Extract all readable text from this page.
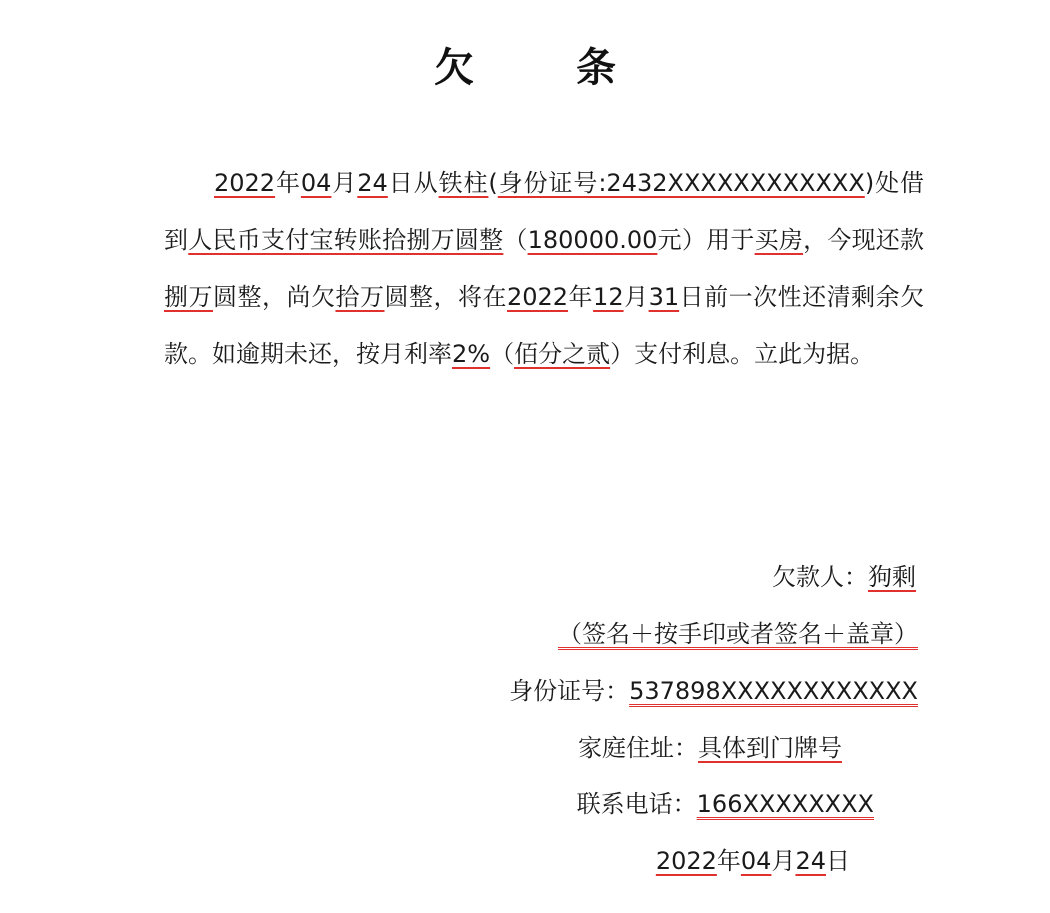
欠 条
2022年04月24日从铁柱(身份证号:2432XXXXXXXXXXXX)处借到人民币支付宝转账拾捌万圆整（180000.00元）用于买房，今现还款捌万圆整，尚欠拾万圆整，将在2022年12月31日前一次性还清剩余欠款。如逾期未还，按月利率2%（佰分之贰）支付利息。立此为据。
欠款人：狗剩
（签名＋按手印或者签名＋盖章）
身份证号：537898XXXXXXXXXXXX
家庭住址：具体到门牌号
联系电话：166XXXXXXXX
2022年04月24日
